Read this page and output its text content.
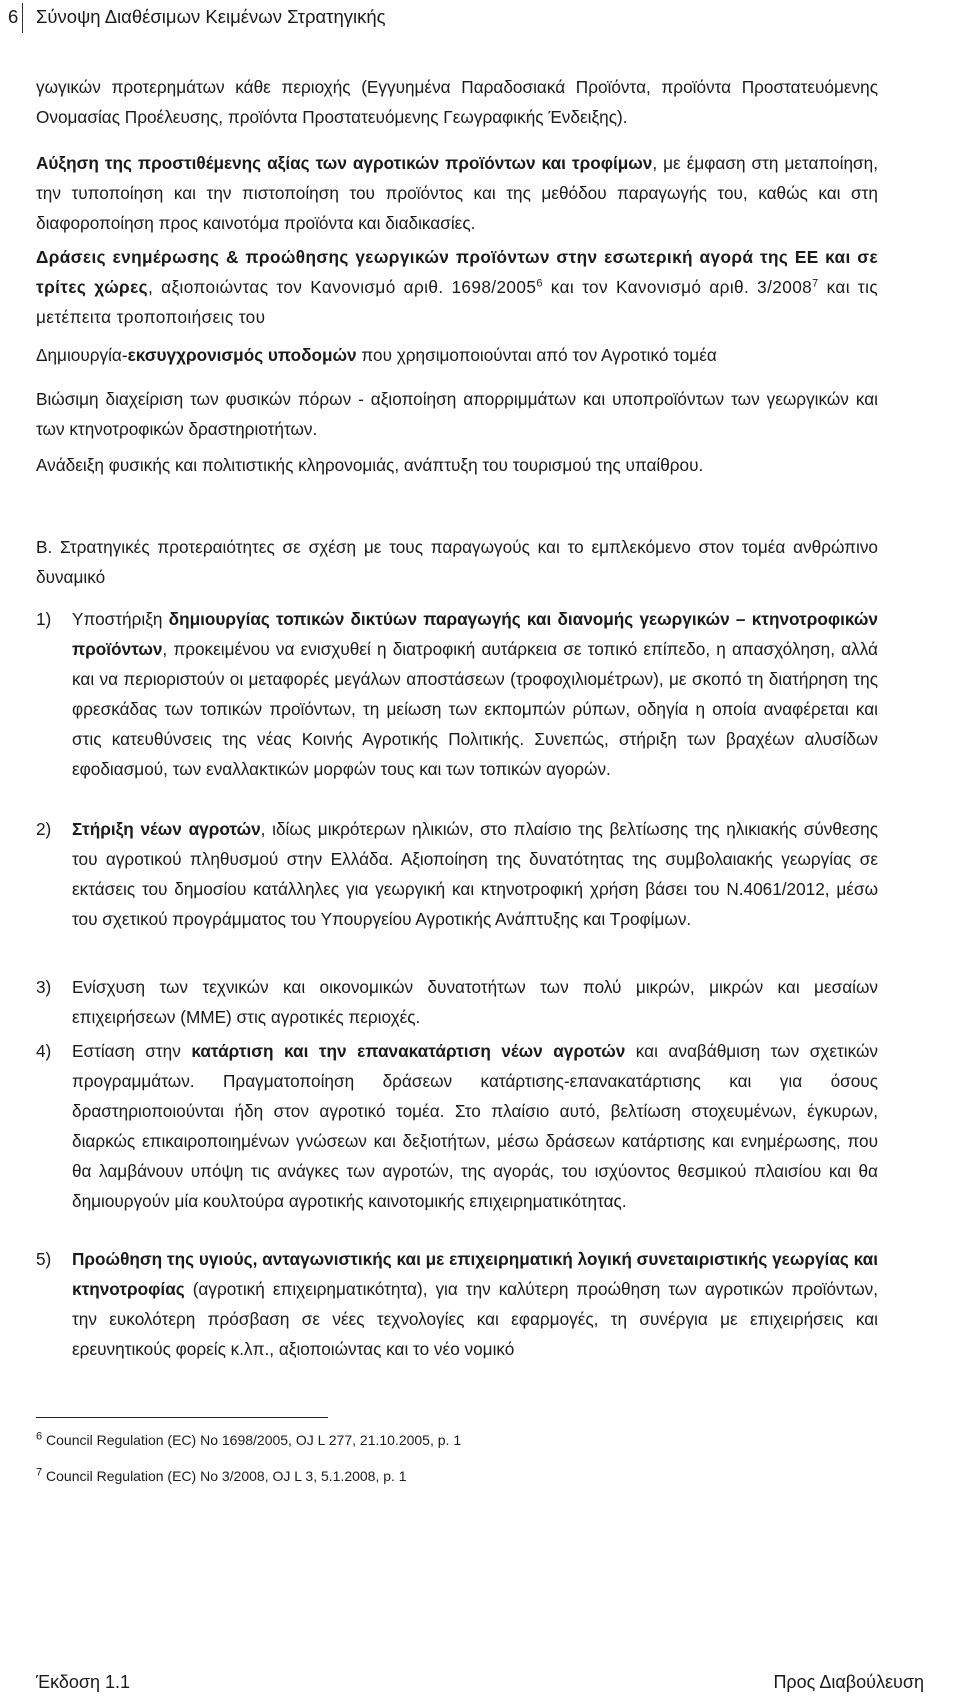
6 Σύνοψη Διαθέσιμων Κειμένων Στρατηγικής

γωγικών προτερημάτων κάθε περιοχής (Εγγυημένα Παραδοσιακά Προϊόντα, προϊόντα Προστατευόμενης Ονομασίας Προέλευσης, προϊόντα Προστατευόμενης Γεωγραφικής Ένδειξης).

Αύξηση της προστιθέμενης αξίας των αγροτικών προϊόντων και τροφίμων, με έμφαση στη μεταποίηση, την τυποποίηση και την πιστοποίηση του προϊόντος και της μεθόδου παραγωγής του, καθώς και στη διαφοροποίηση προς καινοτόμα προϊόντα και διαδικασίες.

Δράσεις ενημέρωσης & προώθησης γεωργικών προϊόντων στην εσωτερική αγορά της ΕΕ και σε τρίτες χώρες, αξιοποιώντας τον Κανονισμό αριθ. 1698/2005$^6$ και τον Κανονισμό αριθ. 3/2008$^7$ και τις μετέπειτα τροποποιήσεις του

Δημιουργία-εκσυγχρονισμός υποδομών που χρησιμοποιούνται από τον Αγροτικό τομέα

Βιώσιμη διαχείριση των φυσικών πόρων - αξιοποίηση απορριμμάτων και υποπροϊόντων των γεωργικών και των κτηνοτροφικών δραστηριοτήτων.

Ανάδειξη φυσικής και πολιτιστικής κληρονομιάς, ανάπτυξη του τουρισμού της υπαίθρου.

Β. Στρατηγικές προτεραιότητες σε σχέση με τους παραγωγούς και το εμπλεκόμενο στον τομέα ανθρώπινο δυναμικό

1)	Υποστήριξη δημιουργίας τοπικών δικτύων παραγωγής και διανομής γεωργικών – κτηνοτροφικών προϊόντων, προκειμένου να ενισχυθεί η διατροφική αυτάρκεια σε τοπικό επίπεδο, η απασχόληση, αλλά και να περιοριστούν οι μεταφορές μεγάλων αποστάσεων (τροφοχιλιομέτρων), με σκοπό τη διατήρηση της φρεσκάδας των τοπικών προϊόντων, τη μείωση των εκπομπών ρύπων, οδηγία η οποία αναφέρεται και στις κατευθύνσεις της νέας Κοινής Αγροτικής Πολιτικής. Συνεπώς, στήριξη των βραχέων αλυσίδων εφοδιασμού, των εναλλακτικών μορφών τους και των τοπικών αγορών.
2)	Στήριξη νέων αγροτών, ιδίως μικρότερων ηλικιών, στο πλαίσιο της βελτίωσης της ηλικιακής σύνθεσης του αγροτικού πληθυσμού στην Ελλάδα. Αξιοποίηση της δυνατότητας της συμβολαιακής γεωργίας σε εκτάσεις του δημοσίου κατάλληλες για γεωργική και κτηνοτροφική χρήση βάσει του Ν.4061/2012, μέσω του σχετικού προγράμματος του Υπουργείου Αγροτικής Ανάπτυξης και Τροφίμων.
3)	Ενίσχυση των τεχνικών και οικονομικών δυνατοτήτων των πολύ μικρών, μικρών και μεσαίων επιχειρήσεων (ΜΜΕ) στις αγροτικές περιοχές.
4)	Εστίαση στην κατάρτιση και την επανακατάρτιση νέων αγροτών και αναβάθμιση των σχετικών προγραμμάτων. Πραγματοποίηση δράσεων κατάρτισης-επανακατάρτισης και για όσους δραστηριοποιούνται ήδη στον αγροτικό τομέα. Στο πλαίσιο αυτό, βελτίωση στοχευμένων, έγκυρων, διαρκώς επικαιροποιημένων γνώσεων και δεξιοτήτων, μέσω δράσεων κατάρτισης και ενημέρωσης, που θα λαμβάνουν υπόψη τις ανάγκες των αγροτών, της αγοράς, του ισχύοντος θεσμικού πλαισίου και θα δημιουργούν μία κουλτούρα αγροτικής καινοτομικής επιχειρηματικότητας.
5)	Προώθηση της υγιούς, ανταγωνιστικής και με επιχειρηματική λογική συνεταιριστικής γεωργίας και κτηνοτροφίας (αγροτική επιχειρηματικότητα), για την καλύτερη προώθηση των αγροτικών προϊόντων, την ευκολότερη πρόσβαση σε νέες τεχνολογίες και εφαρμογές, τη συνέργια με επιχειρήσεις και ερευνητικούς φορείς κ.λπ., αξιοποιώντας και το νέο νομικό
$^6$ Council Regulation (EC) No 1698/2005, OJ L 277, 21.10.2005, p. 1
$^7$ Council Regulation (EC) No 3/2008, OJ L 3, 5.1.2008, p. 1
Έκδοση 1.1	Προς Διαβούλευση
